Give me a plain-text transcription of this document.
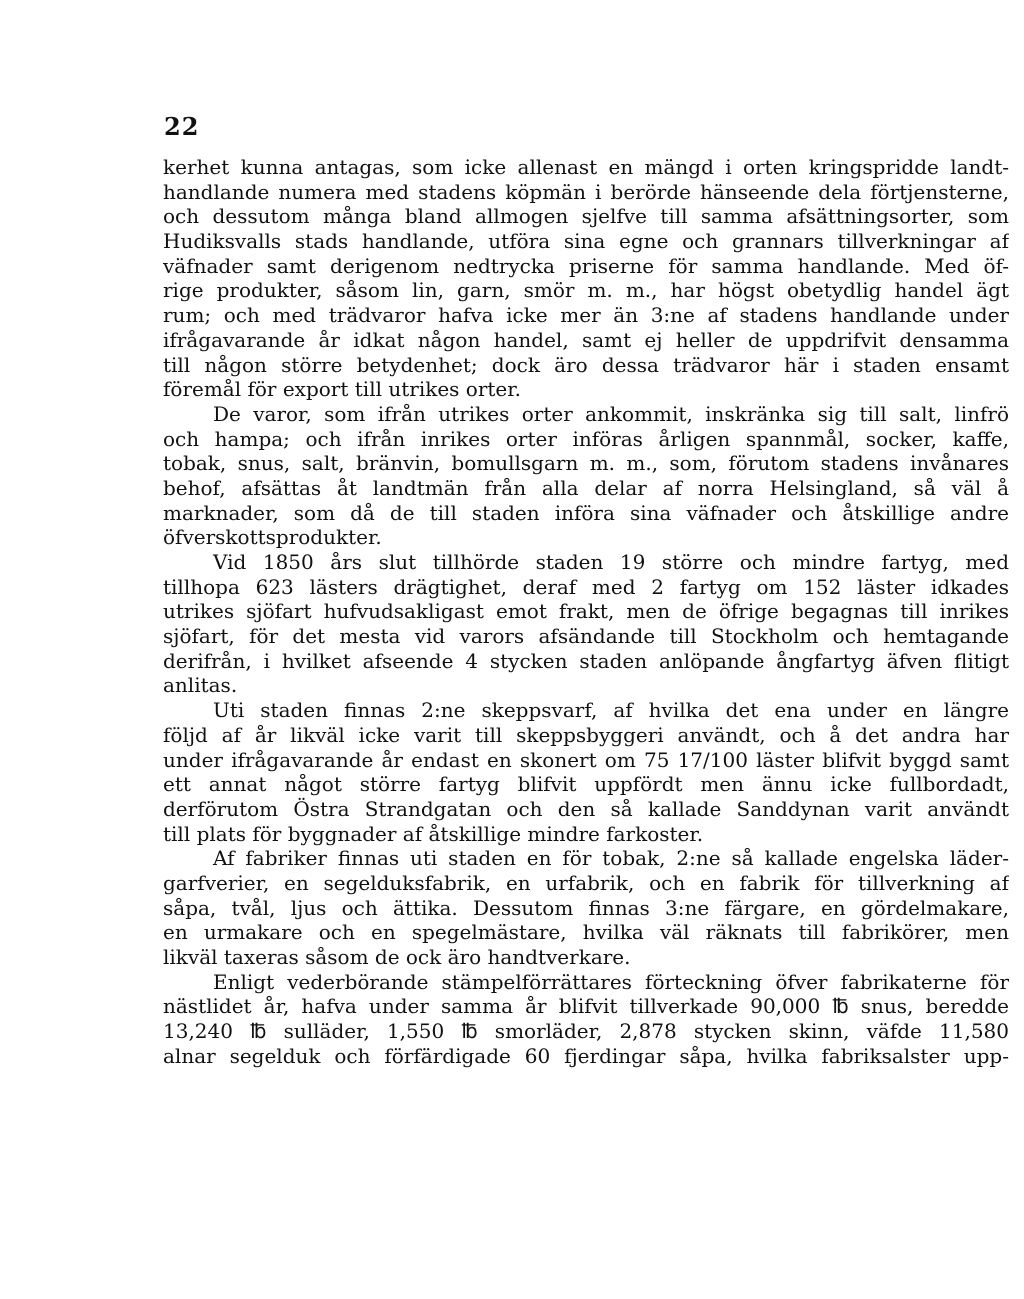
22
kerhet kunna antagas, som icke allenast en mängd i orten kringspridde landt-
handlande numera med stadens köpmän i berörde hänseende dela förtjensterne,
och dessutom många bland allmogen sjelfve till samma afsättningsorter, som
Hudiksvalls stads handlande, utföra sina egne och grannars tillverkningar af
väfnader samt derigenom nedtrycka priserne för samma handlande. Med öf-
rige produkter, såsom lin, garn, smör m. m., har högst obetydlig handel ägt
rum; och med trädvaror hafva icke mer än 3:ne af stadens handlande under
ifrågavarande år idkat någon handel, samt ej heller de uppdrifvit densamma
till någon större betydenhet; dock äro dessa trädvaror här i staden ensamt
föremål för export till utrikes orter.
De varor, som ifrån utrikes orter ankommit, inskränka sig till salt, linfrö
och hampa; och ifrån inrikes orter införas årligen spannmål, socker, kaffe,
tobak, snus, salt, bränvin, bomullsgarn m. m., som, förutom stadens invånares
behof, afsättas åt landtmän från alla delar af norra Helsingland, så väl å
marknader, som då de till staden införa sina väfnader och åtskillige andre
öfverskottsprodukter.
Vid 1850 års slut tillhörde staden 19 större och mindre fartyg, med
tillhopa 623 lästers drägtighet, deraf med 2 fartyg om 152 läster idkades
utrikes sjöfart hufvudsakligast emot frakt, men de öfrige begagnas till inrikes
sjöfart, för det mesta vid varors afsändande till Stockholm och hemtagande
derifrån, i hvilket afseende 4 stycken staden anlöpande ångfartyg äfven flitigt
anlitas.
Uti staden finnas 2:ne skeppsvarf, af hvilka det ena under en längre
följd af år likväl icke varit till skeppsbyggeri användt, och å det andra har
under ifrågavarande år endast en skonert om 75 17/100 läster blifvit byggd samt
ett annat något större fartyg blifvit uppfördt men ännu icke fullbordadt,
derförutom Östra Strandgatan och den så kallade Sanddynan varit användt
till plats för byggnader af åtskillige mindre farkoster.
Af fabriker finnas uti staden en för tobak, 2:ne så kallade engelska läder-
garfverier, en segelduksfabrik, en urfabrik, och en fabrik för tillverkning af
såpa, tvål, ljus och ättika. Dessutom finnas 3:ne färgare, en gördelmakare,
en urmakare och en spegelmästare, hvilka väl räknats till fabrikörer, men
likväl taxeras såsom de ock äro handtverkare.
Enligt vederbörande stämpelförrättares förteckning öfver fabrikaterne för
nästlidet år, hafva under samma år blifvit tillverkade 90,000 ℔ snus, beredde
13,240 ℔ sulläder, 1,550 ℔ smorläder, 2,878 stycken skinn, väfde 11,580
alnar segelduk och förfärdigade 60 fjerdingar såpa, hvilka fabriksalster upp-
